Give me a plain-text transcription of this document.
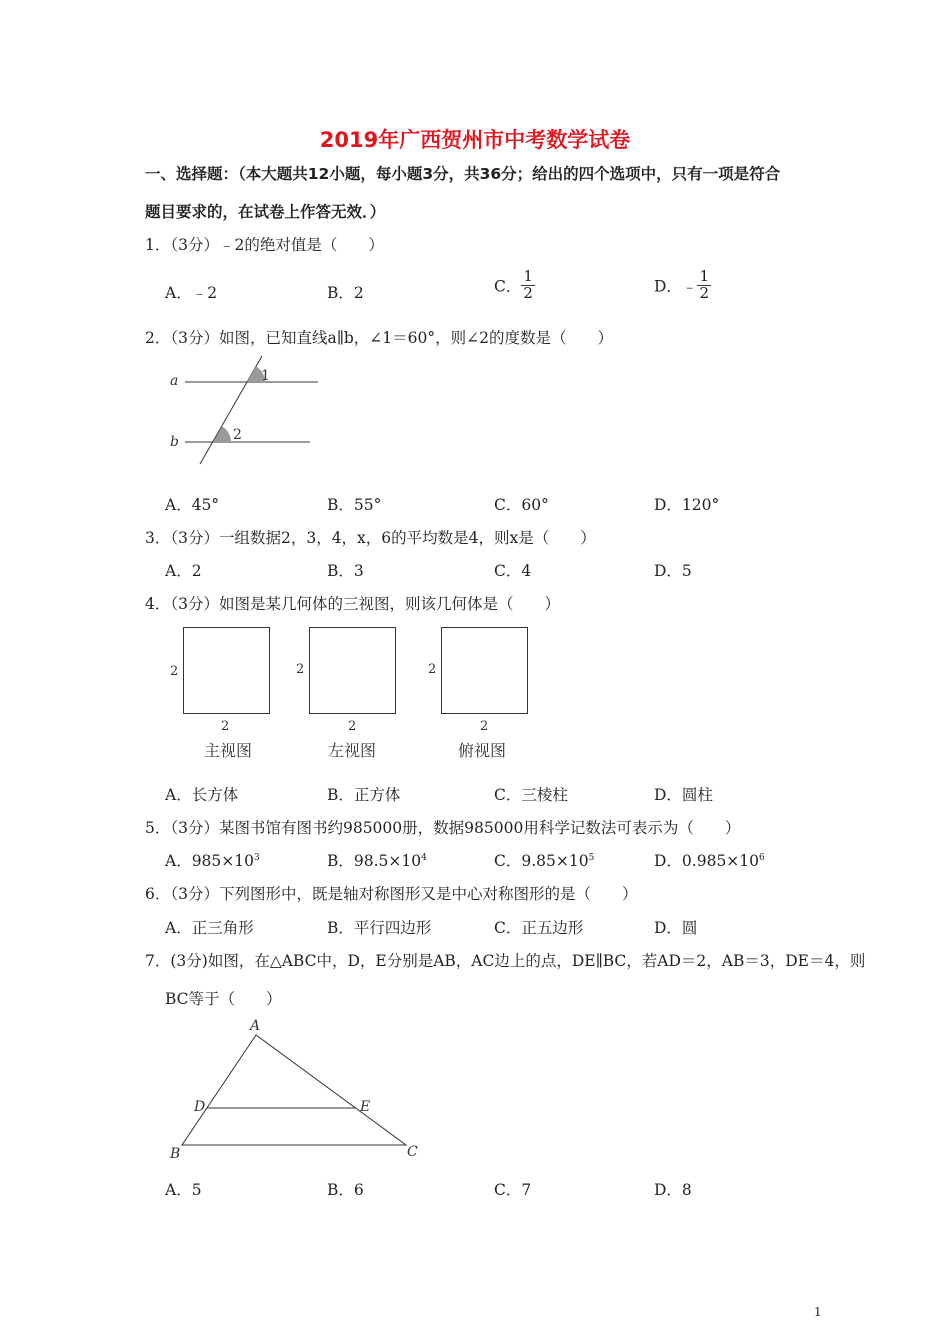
2019年广西贺州市中考数学试卷
一、选择题：（本大题共12小题，每小题3分，共36分；给出的四个选项中，只有一项是符合
题目要求的，在试卷上作答无效．）
1．（3分）﹣2的绝对值是（　　）
A．﹣2	B．2	C． $\frac{1}{2}$	D．﹣ $\frac{1}{2}$
2．（3分）如图，已知直线a∥b，∠1＝60°，则∠2的度数是（　　）
a
b
1
2
A．45°	B．55°	C．60°	D．120°
3．（3分）一组数据2，3，4，x，6的平均数是4，则x是（　　）
A．2	B．3	C．4	D．5
4．（3分）如图是某几何体的三视图，则该几何体是（　　）
2
2
主视图
2
2
左视图
2
2
俯视图
A．长方体	B．正方体	C．三棱柱	D．圆柱
5．（3分）某图书馆有图书约985000册，数据985000用科学记数法可表示为（　　）
A．$985\times 10^3$	B．$98.5\times 10^4$	C．$9.85\times 10^5$	D．$0.985\times 10^6$
6．（3分）下列图形中，既是轴对称图形又是中心对称图形的是（　　）
A．正三角形	B．平行四边形	C．正五边形	D．圆
7．(3分)如图，在△ABC中，D，E分别是AB，AC边上的点，DE∥BC，若AD＝2，AB＝3，DE＝4，则
BC等于（　　）
A
D	E
B	C
A．5	B．6	C．7	D．8
1
